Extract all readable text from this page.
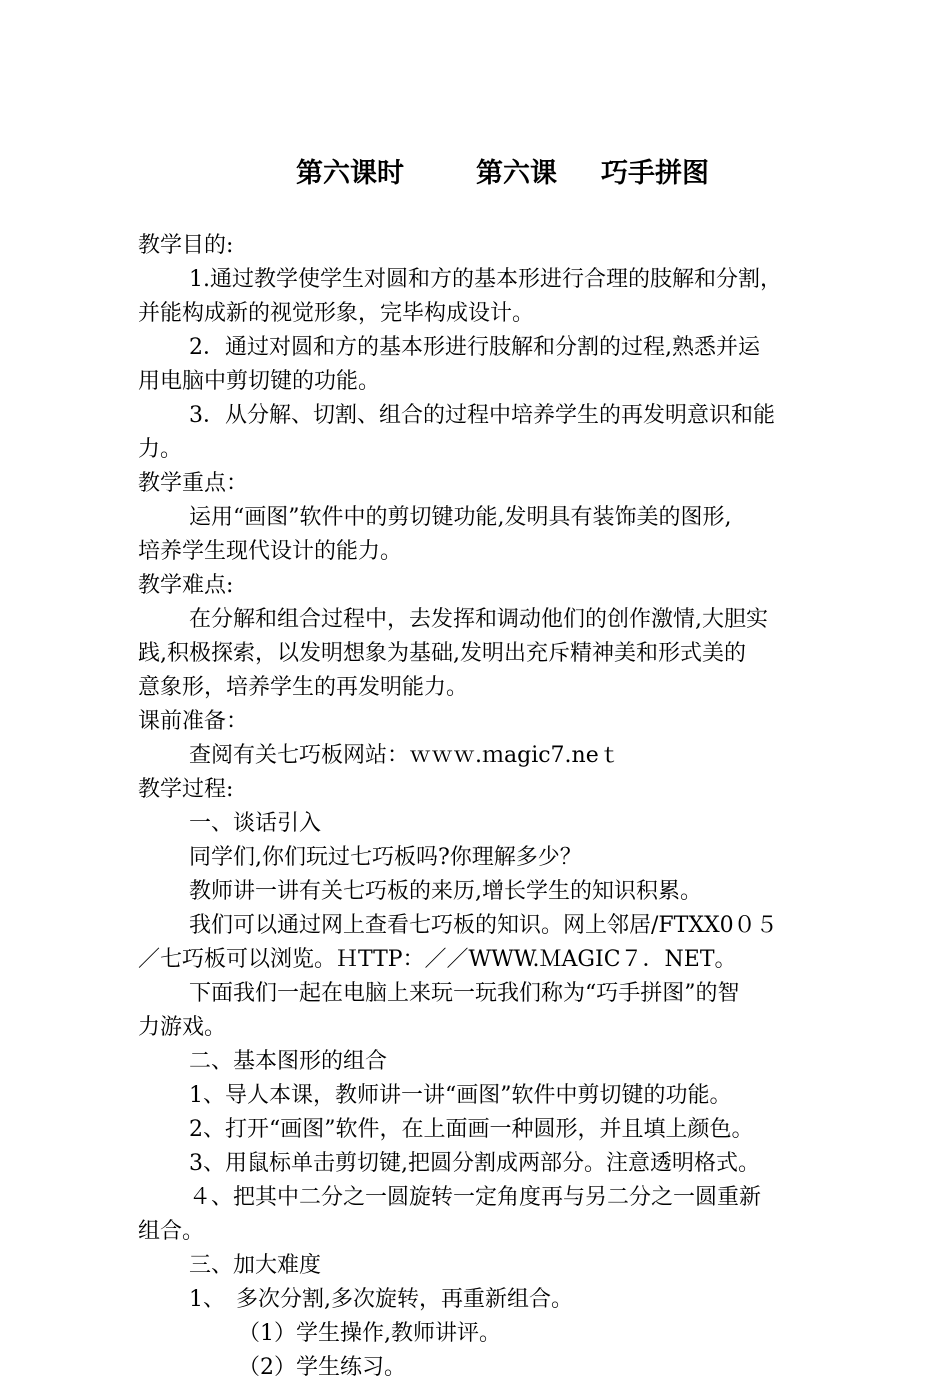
第六课时	第六课 巧手拼图
教学目的:
1.通过教学使学生对圆和方的基本形进行合理的肢解和分割，
并能构成新的视觉形象，完毕构成设计。
2．通过对圆和方的基本形进行肢解和分割的过程,熟悉并运
用电脑中剪切键的功能。
3．从分解、切割、组合的过程中培养学生的再发明意识和能
力。
教学重点：
运用“画图”软件中的剪切键功能,发明具有装饰美的图形,
培养学生现代设计的能力。
教学难点:
在分解和组合过程中，去发挥和调动他们的创作激情,大胆实
践,积极探索，以发明想象为基础,发明出充斥精神美和形式美的
意象形，培养学生的再发明能力。
课前准备：
查阅有关七巧板网站：ｗｗｗ.ｍagic7.neｔ
教学过程:
一、谈话引入
同学们,你们玩过七巧板吗?你理解多少？
教师讲一讲有关七巧板的来历,增长学生的知识积累。
我们可以通过网上查看七巧板的知识。网上邻居/FTXX0０５
／七巧板可以浏览。ＨTTP：／／WWW.ＭAGIC７．NET。
下面我们一起在电脑上来玩一玩我们称为“巧手拼图”的智
力游戏。
二、基本图形的组合
1、导人本课，教师讲一讲“画图”软件中剪切键的功能。
2、打开“画图”软件，在上面画一种圆形，并且填上颜色。
3、用鼠标单击剪切键,把圆分割成两部分。注意透明格式。
４、把其中二分之一圆旋转一定角度再与另二分之一圆重新
组合。
三、加大难度
1、　多次分割,多次旋转，再重新组合。
（1）学生操作,教师讲评。
（2）学生练习。
